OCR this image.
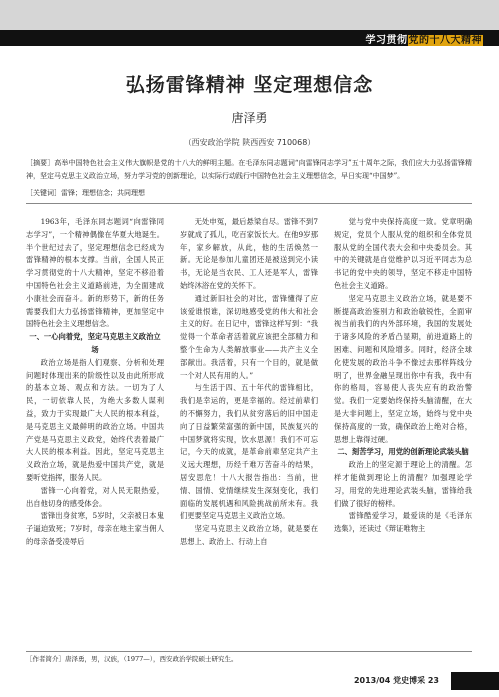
学习贯彻党的十八大精神
弘扬雷锋精神 坚定理想信念
唐泽勇
（西安政治学院 陕西西安 710068）
［摘要］高举中国特色社会主义伟大旗帜是党的十八大的鲜明主题。在毛泽东同志题词“向雷锋同志学习”五十周年之际，我们应大力弘扬雷锋精神，坚定马克思主义政治立场，努力学习党的创新理论，以实际行动践行中国特色社会主义理想信念，早日实现“中国梦”。
［关键词］雷锋；理想信念；共同理想

1963年，毛泽东同志题词“向雷锋同志学习”，一个精神偶像在华夏大地诞生。半个世纪过去了，坚定理想信念已经成为雷锋精神的根本支撑。当前，全国人民正学习贯彻党的十八大精神，坚定不移沿着中国特色社会主义道路前进，为全面建成小康社会而奋斗。新的形势下，新的任务需要我们大力弘扬雷锋精神，更加坚定中国特色社会主义理想信念。

一、一心向着党，坚定马克思主义政治立场

政治立场是指人们观察、分析和处理问题时体现出来的阶级性以及由此所形成的基本立场、观点和方法。一切为了人民，一切依靠人民，为绝大多数人谋利益，致力于实现最广大人民的根本利益，是马克思主义最鲜明的政治立场。中国共产党是马克思主义政党，始终代表着最广大人民的根本利益。因此，坚定马克思主义政治立场，就是热爱中国共产党，就是要听党指挥，服务人民。

雷锋一心向着党，对人民无限热爱，出自他切身的感受体会。

雷锋出身贫寒，5岁时，父亲被日本鬼子逼迫致死；7岁时，母亲在地主家当佣人的母亲备受凌辱后

无处申冤，最后悬梁自尽。雷锋不到7岁就成了孤儿，吃百家饭长大。在他9岁那年，家乡解放，从此，他的生活焕然一新。无论是参加儿童团还是被送到完小读书，无论是当农民、工人还是军人，雷锋始终沐浴在党的关怀下。

通过新旧社会的对比，雷锋懂得了应该爱谁恨谁，深切地感受党的伟大和社会主义的好。在日记中，雷锋这样写到：“我觉得一个革命者活着就应该把全部精力和整个生命为人类解放事业——共产主义全部献出。我活着，只有一个目的，就是做一个对人民有用的人。”

与生活于四、五十年代的雷锋相比，我们是幸运的，更是幸福的。经过前辈们的不懈努力，我们从贫穷落后的旧中国走向了日益繁荣富强的新中国，民族复兴的中国梦就将实现，饮水思源！我们不可忘记，今天的成就，是革命前辈坚定共产主义远大理想，历经千难万苦奋斗的结果，居安思危！十八大报告指出：当前，世情、国情、党情继续发生深刻变化，我们面临的发展机遇和风险挑战前所未有。我们更要坚定马克思主义政治立场。

坚定马克思主义政治立场，就是要在思想上、政治上、行动上自

觉与党中央保持高度一致。党章明确规定，党员个人服从党的组织和全体党员服从党的全国代表大会和中央委员会。其中的关键就是自觉维护以习近平同志为总书记的党中央的领导，坚定不移走中国特色社会主义道路。

坚定马克思主义政治立场，就是要不断提高政治鉴别力和政治敏锐性，全面审视当前我们的内外部环境，我国的发展处于诸多风险的矛盾凸显期，前进道路上的困难、问题和风险增多。同时，经济全球化使发展的政治斗争不像过去那样阵线分明了，世界金融呈现出你中有我，我中有你的格局，容易使人丧失应有的政治警觉。我们一定要始终保持头脑清醒，在大是大非问题上，坚定立场，始终与党中央保持高度的一致，确保政治上绝对合格，思想上靠得过硬。

二、刻苦学习，用党的创新理论武装头脑

政治上的坚定源于理论上的清醒。怎样才能做到理论上的清醒？加强理论学习，用党的先进理论武装头脑，雷锋给我们做了很好的榜样。

雷锋酷爱学习，最爱读的是《毛泽东选集》，还读过《辩证唯物主

［作者简介］唐泽勇，男，汉族，（1977—），西安政治学院硕士研究生。
2013/04 党史博采 23
